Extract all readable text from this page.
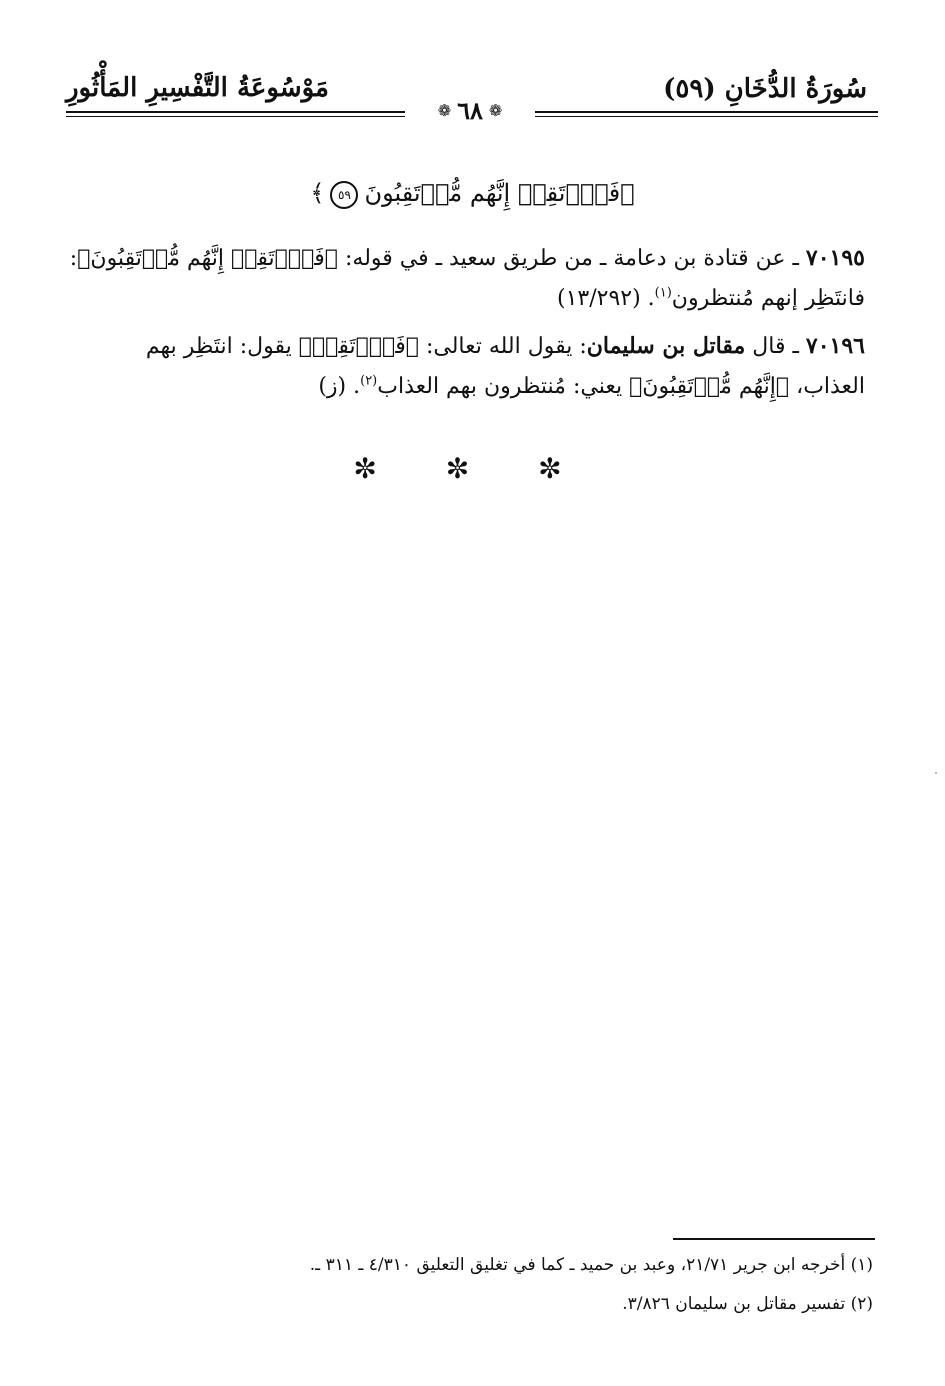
سُورَةُ الدُّخَانِ (٥٩)
مَوْسُوعَةُ التَّفْسِيرِ المَأْثُورِ
❁ ٦٨ ❁
﴿فَٱرۡتَقِبۡ إِنَّهُم مُّرۡتَقِبُونَ٥٩﴾
٧٠١٩٥ ـ عن قتادة بن دعامة ـ من طريق سعيد ـ في قوله: ﴿فَٱرۡتَقِبۡ إِنَّهُم مُّرۡتَقِبُونَ﴾:
فانتَظِر إنهم مُنتظرون$^{(١)}$. (١٣/٢٩٢)
٧٠١٩٦ ـ قال مقاتل بن سليمان: يقول الله تعالى: ﴿فَٱرۡتَقِبۡ﴾ يقول: انتَظِر بهم
العذاب، ﴿إِنَّهُم مُّرۡتَقِبُونَ﴾ يعني: مُنتظرون بهم العذاب$^{(٢)}$. (ز)
✼ ✼ ✼
(١) أخرجه ابن جرير ٢١/٧١، وعبد بن حميد ـ كما في تغليق التعليق ٤/٣١٠ ـ ٣١١ ـ.
(٢) تفسير مقاتل بن سليمان ٣/٨٢٦.
